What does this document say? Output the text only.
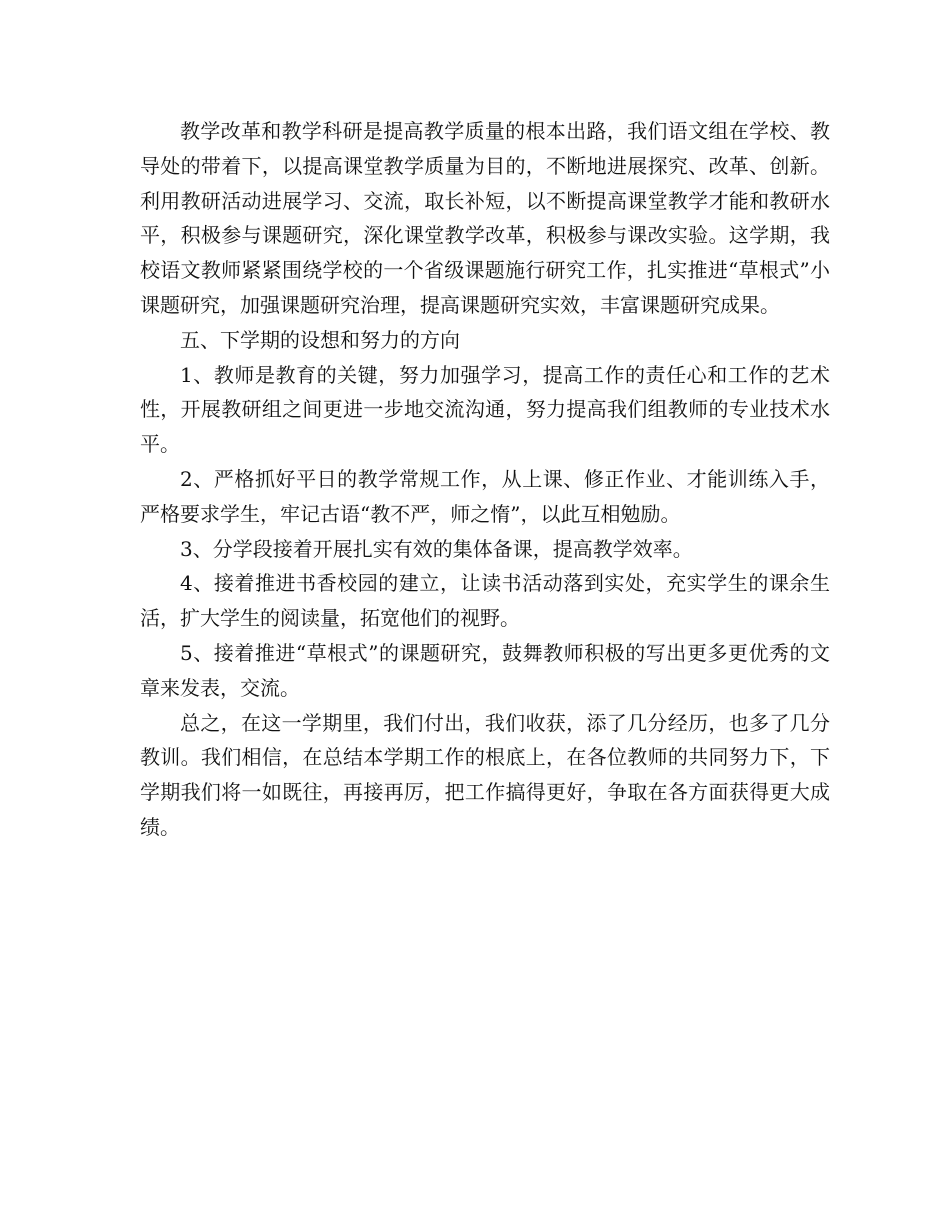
教学改革和教学科研是提高教学质量的根本出路，我们语文组在学校、教导处的带着下，以提高课堂教学质量为目的，不断地进展探究、改革、创新。利用教研活动进展学习、交流，取长补短，以不断提高课堂教学才能和教研水平，积极参与课题研究，深化课堂教学改革，积极参与课改实验。这学期，我校语文教师紧紧围绕学校的一个省级课题施行研究工作，扎实推进“草根式”小课题研究，加强课题研究治理，提高课题研究实效，丰富课题研究成果。

五、下学期的设想和努力的方向

1、教师是教育的关键，努力加强学习，提高工作的责任心和工作的艺术性，开展教研组之间更进一步地交流沟通，努力提高我们组教师的专业技术水平。

2、严格抓好平日的教学常规工作，从上课、修正作业、才能训练入手，严格要求学生，牢记古语“教不严，师之惰”，以此互相勉励。

3、分学段接着开展扎实有效的集体备课，提高教学效率。

4、接着推进书香校园的建立，让读书活动落到实处，充实学生的课余生活，扩大学生的阅读量，拓宽他们的视野。

5、接着推进“草根式”的课题研究，鼓舞教师积极的写出更多更优秀的文章来发表，交流。

总之，在这一学期里，我们付出，我们收获，添了几分经历，也多了几分教训。我们相信，在总结本学期工作的根底上，在各位教师的共同努力下，下学期我们将一如既往，再接再厉，把工作搞得更好，争取在各方面获得更大成绩。
